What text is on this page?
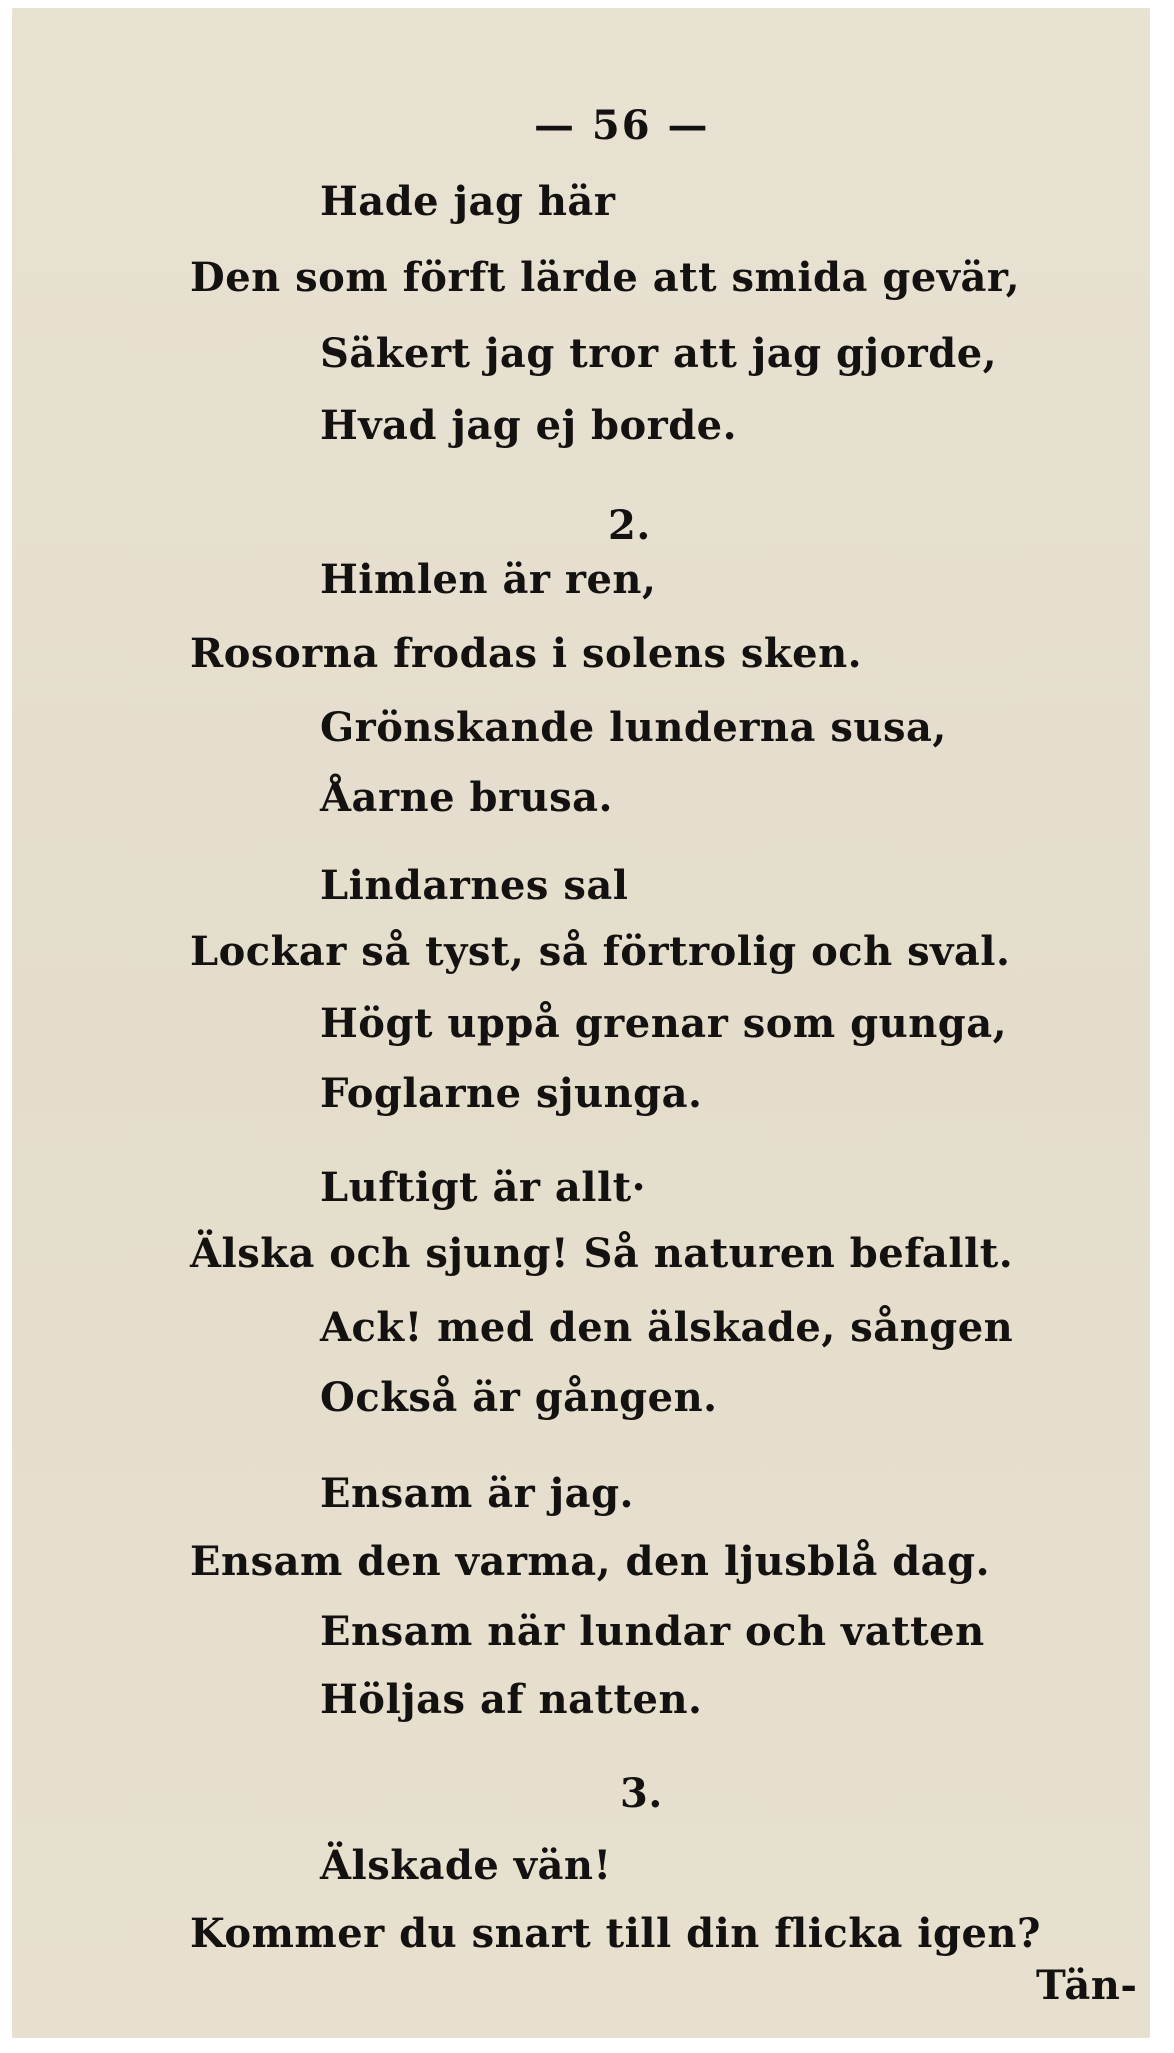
— 56 —
Hade jag här
Den som förft lärde att smida gevär,
Säkert jag tror att jag gjorde,
Hvad jag ej borde.
2.
Himlen är ren,
Rosorna frodas i solens sken.
Grönskande lunderna susa,
Åarne brusa.
Lindarnes sal
Lockar så tyst, så förtrolig och sval.
Högt uppå grenar som gunga,
Foglarne sjunga.
Luftigt är allt·
Älska och sjung! Så naturen befallt.
Ack! med den älskade, sången
Också är gången.
Ensam är jag.
Ensam den varma, den ljusblå dag.
Ensam när lundar och vatten
Höljas af natten.
3.
Älskade vän!
Kommer du snart till din flicka igen?
Tän-
